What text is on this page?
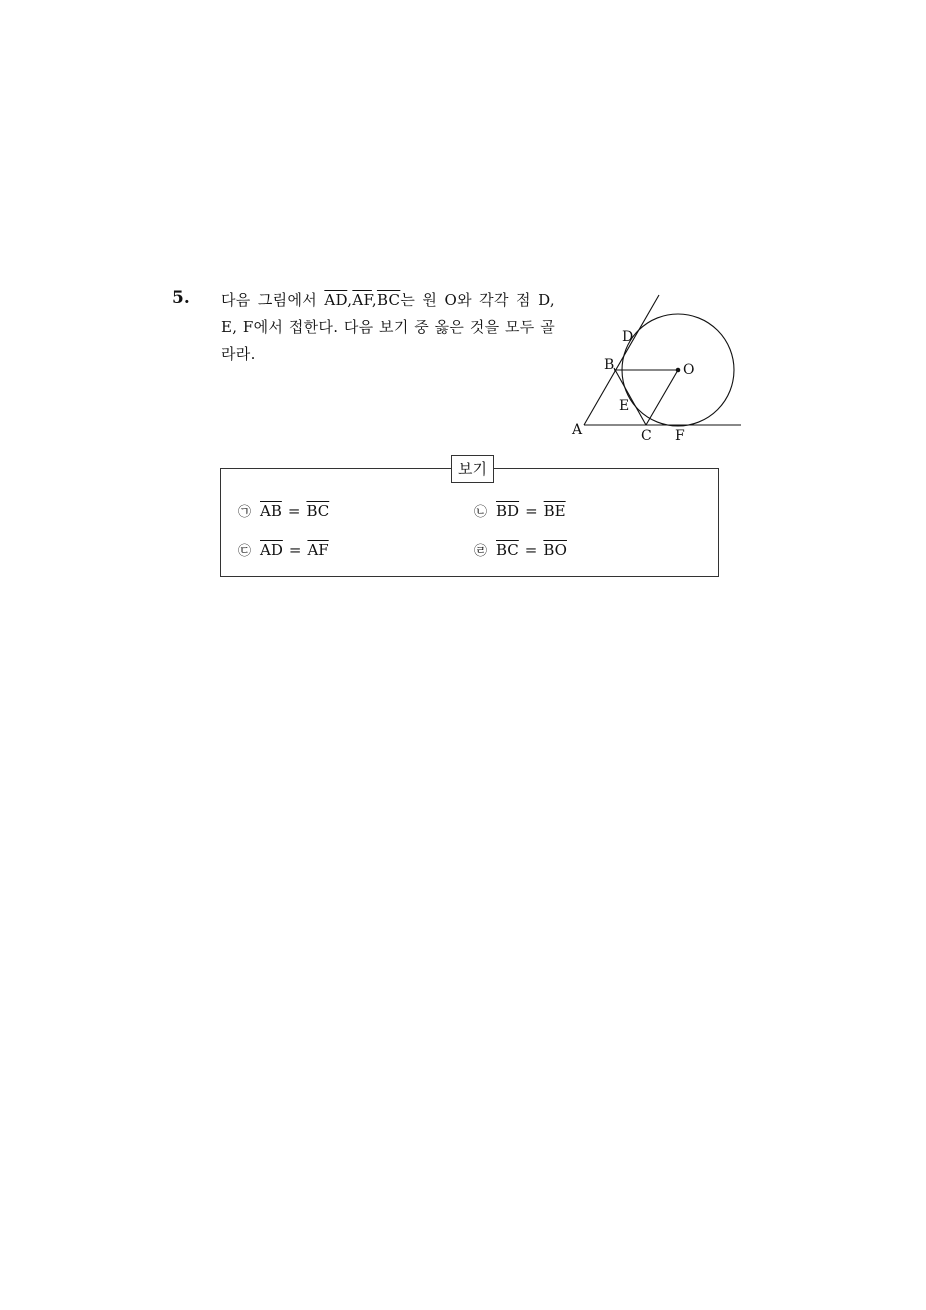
5. 다음 그림에서 $\overline{AD},\overline{AF},\overline{BC}$는 원 O와 각각 점 D, E, F에서 접한다. 다음 보기 중 옳은 것을 모두 골라라.
D
B	O
E
A	C F
보기
㉠ $\overline{AB} = \overline{BC}$	㉡ $\overline{BD} = \overline{BE}$
㉢ $\overline{AD} = \overline{AF}$	㉣ $\overline{BC} = \overline{BO}$
